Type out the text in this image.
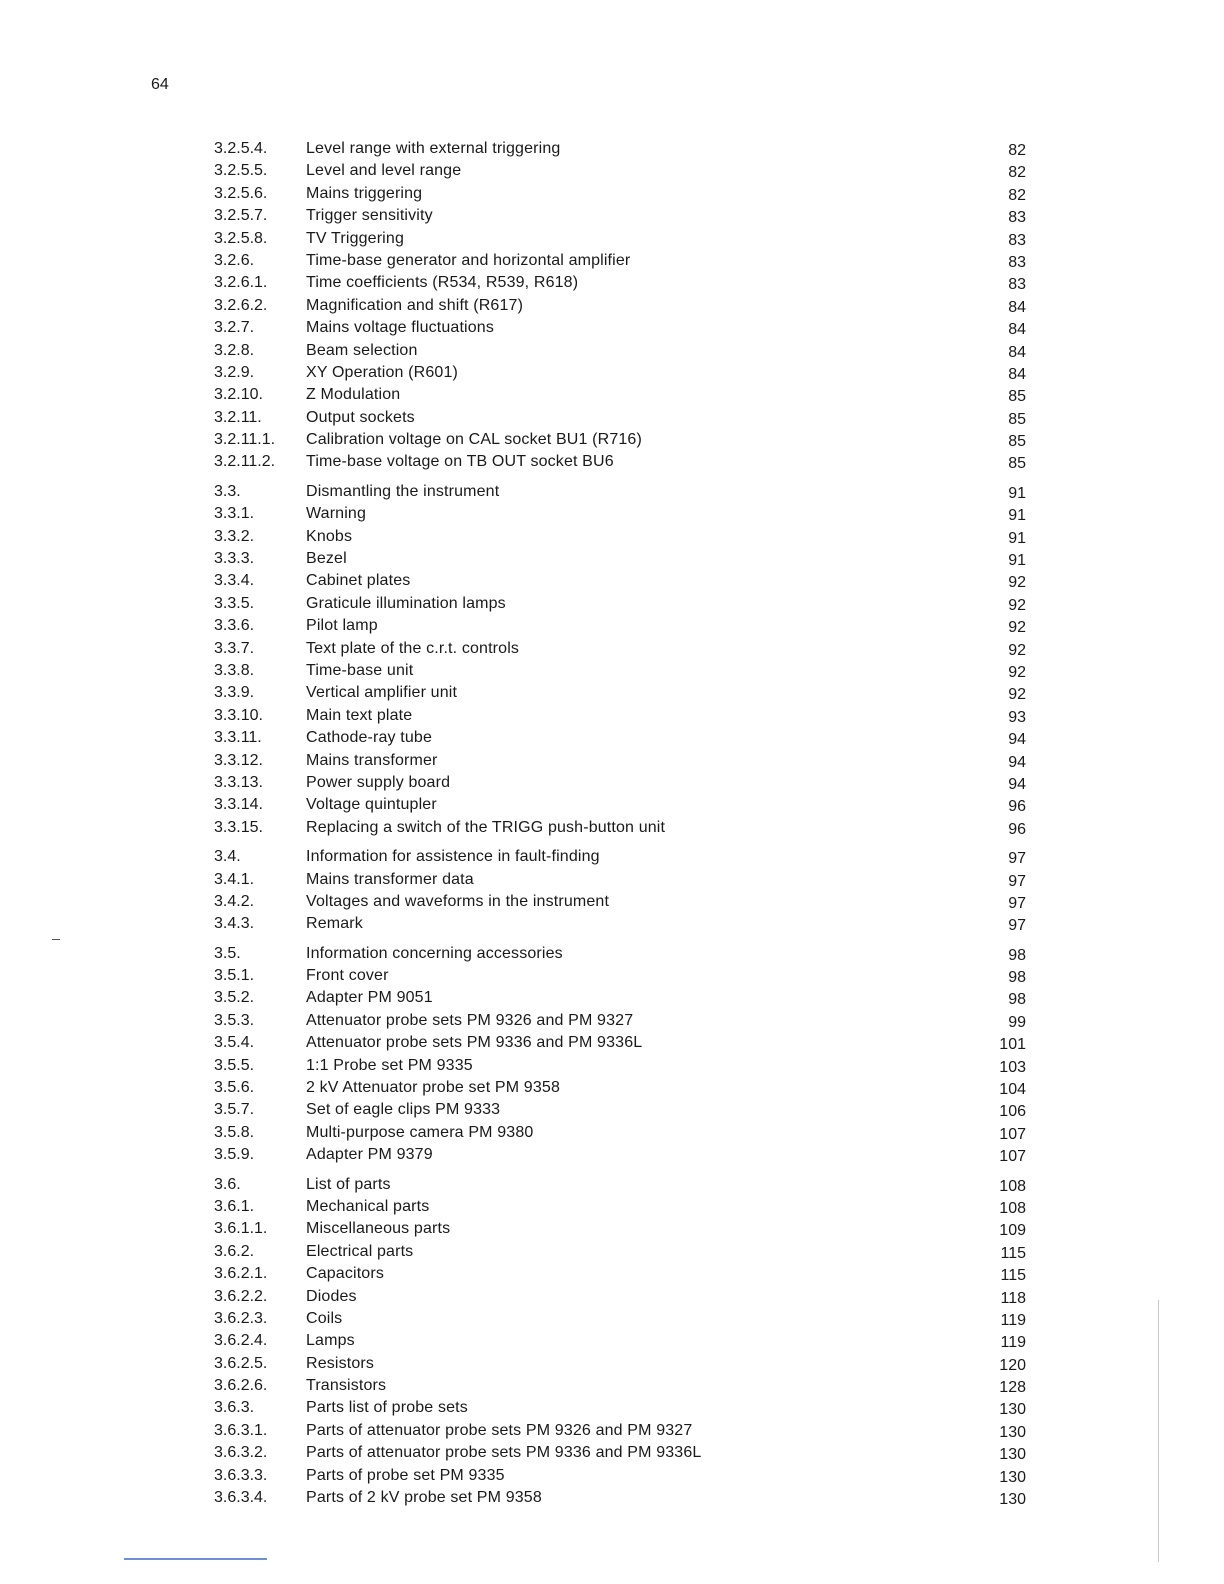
64
3.2.5.4. Level range with external triggering	82
3.2.5.5. Level and level range	82
3.2.5.6. Mains triggering	82
3.2.5.7. Trigger sensitivity	83
3.2.5.8. TV Triggering	83
3.2.6.	Time-base generator and horizontal amplifier	83
3.2.6.1. Time coefficients (R534, R539, R618)	83
3.2.6.2. Magnification and shift (R617)	84
3.2.7.	Mains voltage fluctuations	84
3.2.8.	Beam selection	84
3.2.9.	XY Operation (R601)	84
3.2.10.	Z Modulation	85
3.2.11.	Output sockets	85
3.2.11.1. Calibration voltage on CAL socket BU1 (R716)	85
3.2.11.2. Time-base voltage on TB OUT socket BU6	85
3.3.	Dismantling the instrument	91
3.3.1.	Warning	91
3.3.2.	Knobs	91
3.3.3.	Bezel	91
3.3.4.	Cabinet plates	92
3.3.5.	Graticule illumination lamps	92
3.3.6.	Pilot lamp	92
3.3.7.	Text plate of the c.r.t. controls	92
3.3.8.	Time-base unit	92
3.3.9.	Vertical amplifier unit	92
3.3.10.	Main text plate	93
3.3.11.	Cathode-ray tube	94
3.3.12.	Mains transformer	94
3.3.13.	Power supply board	94
3.3.14.	Voltage quintupler	96
3.3.15.	Replacing a switch of the TRIGG push-button unit	96
3.4.	Information for assistence in fault-finding	97
3.4.1.	Mains transformer data	97
3.4.2.	Voltages and waveforms in the instrument	97
3.4.3.	Remark	97
3.5.	Information concerning accessories	98
3.5.1.	Front cover	98
3.5.2.	Adapter PM 9051	98
3.5.3.	Attenuator probe sets PM 9326 and PM 9327	99
3.5.4.	Attenuator probe sets PM 9336 and PM 9336L	101
3.5.5.	1:1 Probe set PM 9335	103
3.5.6.	2 kV Attenuator probe set PM 9358	104
3.5.7.	Set of eagle clips PM 9333	106
3.5.8.	Multi-purpose camera PM 9380	107
3.5.9.	Adapter PM 9379	107
3.6.	List of parts	108
3.6.1.	Mechanical parts	108
3.6.1.1. Miscellaneous parts	109
3.6.2.	Electrical parts	115
3.6.2.1. Capacitors	115
3.6.2.2. Diodes	118
3.6.2.3. Coils	119
3.6.2.4. Lamps	119
3.6.2.5. Resistors	120
3.6.2.6. Transistors	128
3.6.3.	Parts list of probe sets	130
3.6.3.1. Parts of attenuator probe sets PM 9326 and PM 9327	130
3.6.3.2. Parts of attenuator probe sets PM 9336 and PM 9336L	130
3.6.3.3. Parts of probe set PM 9335	130
3.6.3.4. Parts of 2 kV probe set PM 9358	130
